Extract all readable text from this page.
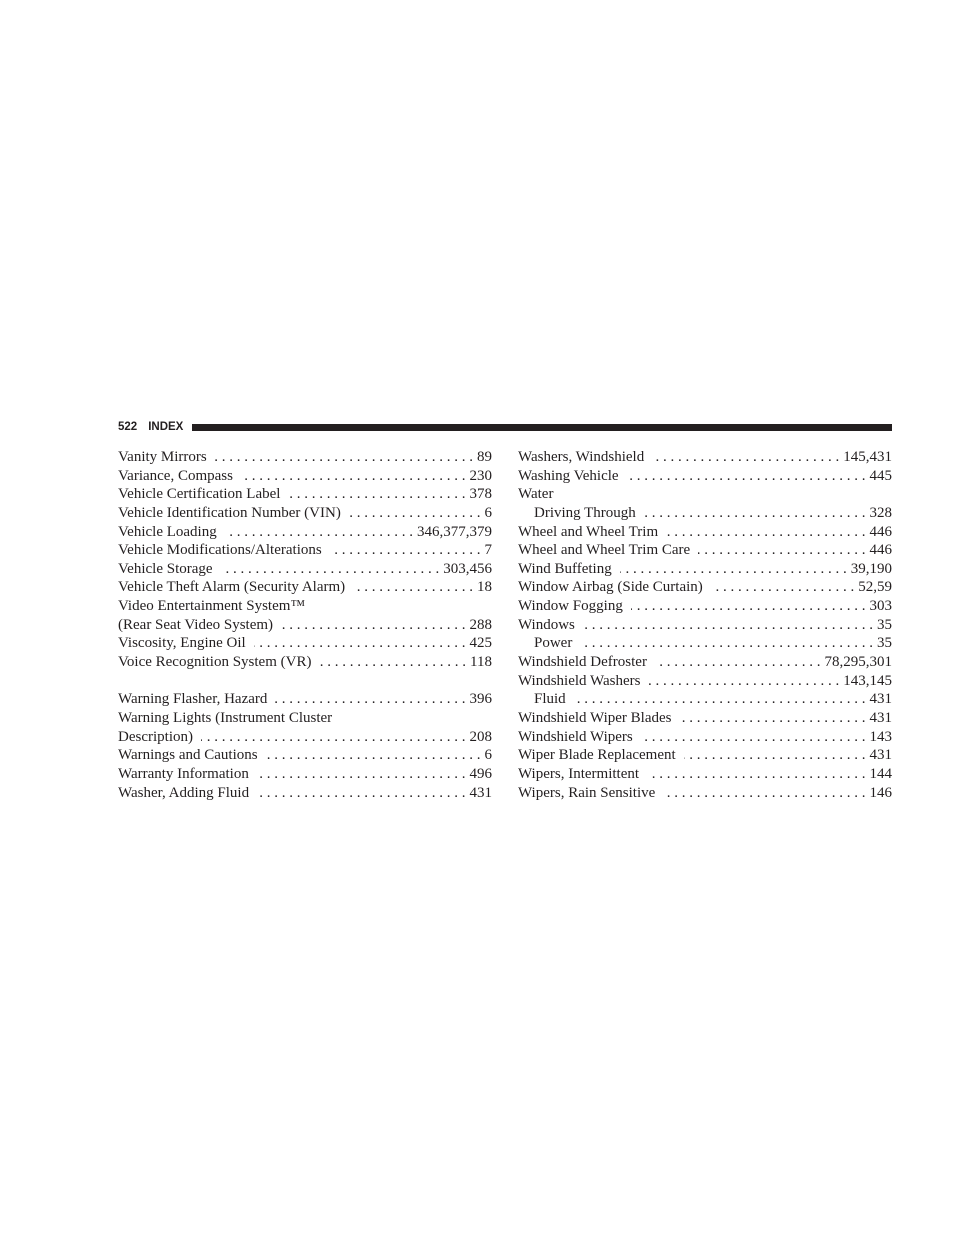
522 INDEX
Vanity Mirrors . . .	89
Variance, Compass . . .	230
Vehicle Certification Label . . .	378
Vehicle Identification Number (VIN) . . .	6
Vehicle Loading . . .	346,377,379
Vehicle Modifications/Alterations . . .	7
Vehicle Storage . . .	303,456
Vehicle Theft Alarm (Security Alarm) . . .	18
Video Entertainment System™
(Rear Seat Video System) . . .	288
Viscosity, Engine Oil . . .	425
Voice Recognition System (VR) . . .	118
Warning Flasher, Hazard . . .	396
Warning Lights (Instrument Cluster
Description) . . .	208
Warnings and Cautions . . .	6
Warranty Information . . .	496
Washer, Adding Fluid . . .	431
Washers, Windshield . . .	145,431
Washing Vehicle . . .	445
Water
Driving Through . . .	328
Wheel and Wheel Trim . . .	446
Wheel and Wheel Trim Care . . .	446
Wind Buffeting . . .	39,190
Window Airbag (Side Curtain) . . .	52,59
Window Fogging . . .	303
Windows . . .	35
Power . . .	35
Windshield Defroster . . .	78,295,301
Windshield Washers . . .	143,145
Fluid . . .	431
Windshield Wiper Blades . . .	431
Windshield Wipers . . .	143
Wiper Blade Replacement . . .	431
Wipers, Intermittent . . .	144
Wipers, Rain Sensitive . . .	146
